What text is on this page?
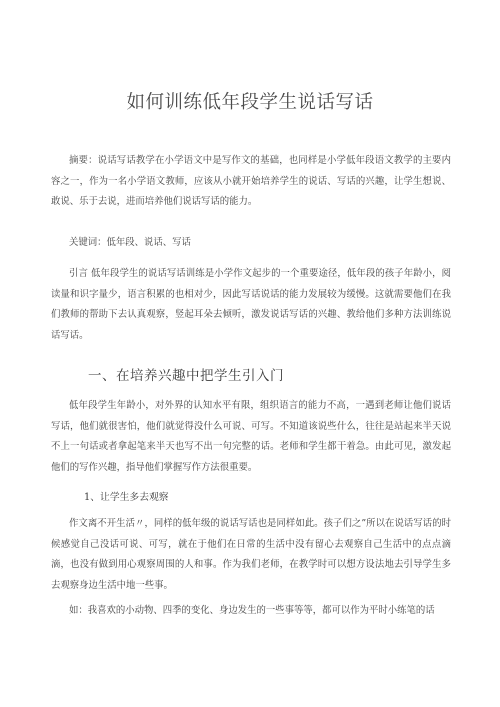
如何训练低年段学生说话写话

摘要：说话写话教学在小学语文中是写作文的基础，也同样是小学低年段语文教学的主要内容之一，作为一名小学语文教师，应该从小就开始培养学生的说话、写话的兴趣，让学生想说、敢说、乐于去说，进而培养他们说话写话的能力。

关键词：低年段、说话、写话

引言 低年段学生的说话写话训练是小学作文起步的一个重要途径，低年段的孩子年龄小，阅读量和识字量少，语言积累的也相对少，因此写话说话的能力发展较为缓慢。这就需要他们在我们教师的帮助下去认真观察，竖起耳朵去倾听，激发说话写话的兴趣、教给他们多种方法训练说话写话。

一、在培养兴趣中把学生引入门

低年段学生年龄小，对外界的认知水平有限，组织语言的能力不高，一遇到老师让他们说话写话，他们就很害怕，他们就觉得没什么可说、可写。不知道该说些什么，往往是站起来半天说不上一句话或者拿起笔来半天也写不出一句完整的话。老师和学生都干着急。由此可见，激发起他们的写作兴趣，指导他们掌握写作方法很重要。

1、让学生多去观察

作文离不开生活〃，同样的低年级的说话写话也是同样如此。孩子们之”所以在说话写话的时候感觉自己没话可说、可写，就在于他们在日常的生活中没有留心去观察自己生活中的点点滴滴，也没有做到用心观察周围的人和事。作为我们老师，在教学时可以想方设法地去引导学生多去观察身边生活中地一些事。

如：我喜欢的小动物、四季的变化、身边发生的一些事等等，都可以作为平时小练笔的话
